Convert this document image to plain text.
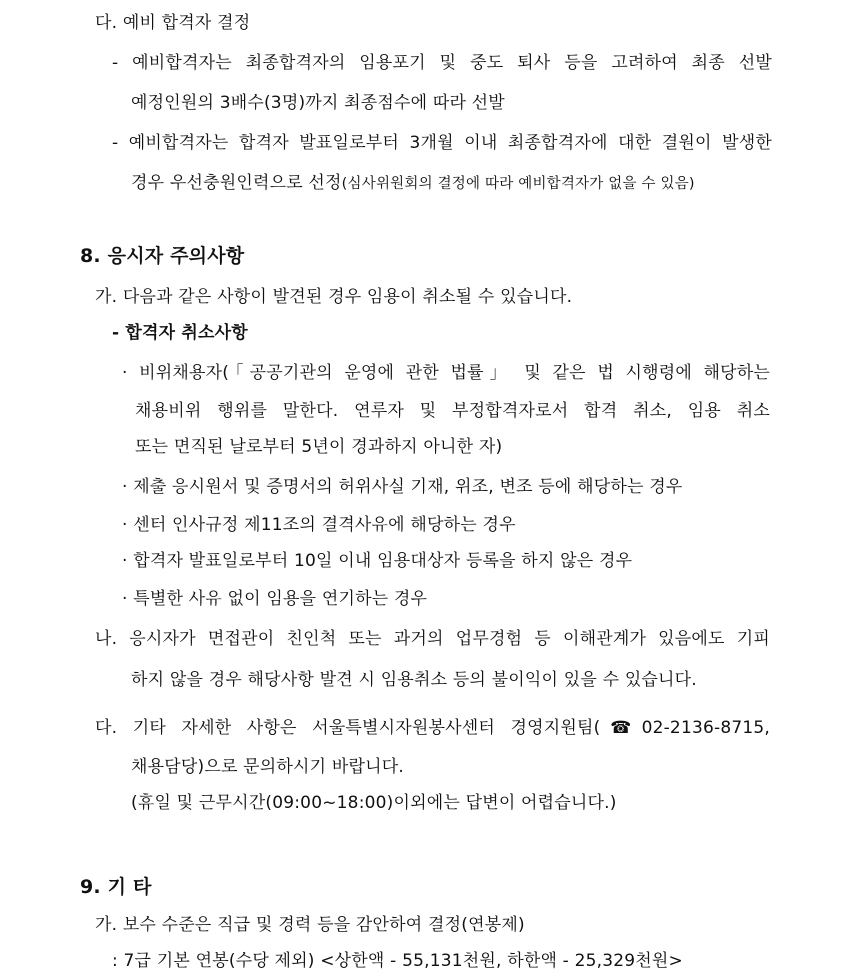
다. 예비 합격자 결정
- 예비합격자는 최종합격자의 임용포기 및 중도 퇴사 등을 고려하여 최종 선발
예정인원의 3배수(3명)까지 최종점수에 따라 선발
- 예비합격자는 합격자 발표일로부터 3개월 이내 최종합격자에 대한 결원이 발생한
경우 우선충원인력으로 선정(심사위원회의 결정에 따라 예비합격자가 없을 수 있음)
8. 응시자 주의사항
가. 다음과 같은 사항이 발견된 경우 임용이 취소될 수 있습니다.
- 합격자 취소사항
· 비위채용자(「공공기관의 운영에 관한 법률」 및 같은 법 시행령에 해당하는
채용비위 행위를 말한다. 연루자 및 부정합격자로서 합격 취소, 임용 취소
또는 면직된 날로부터 5년이 경과하지 아니한 자)
· 제출 응시원서 및 증명서의 허위사실 기재, 위조, 변조 등에 해당하는 경우
· 센터 인사규정 제11조의 결격사유에 해당하는 경우
· 합격자 발표일로부터 10일 이내 임용대상자 등록을 하지 않은 경우
· 특별한 사유 없이 임용을 연기하는 경우
나. 응시자가 면접관이 친인척 또는 과거의 업무경험 등 이해관계가 있음에도 기피
하지 않을 경우 해당사항 발견 시 임용취소 등의 불이익이 있을 수 있습니다.
다. 기타 자세한 사항은 서울특별시자원봉사센터 경영지원팀(☎02-2136-8715,
채용담당)으로 문의하시기 바랍니다.
(휴일 및 근무시간(09:00~18:00)이외에는 답변이 어렵습니다.)
9. 기 타
가. 보수 수준은 직급 및 경력 등을 감안하여 결정(연봉제)
: 7급 기본 연봉(수당 제외) <상한액 - 55,131천원, 하한액 - 25,329천원>
